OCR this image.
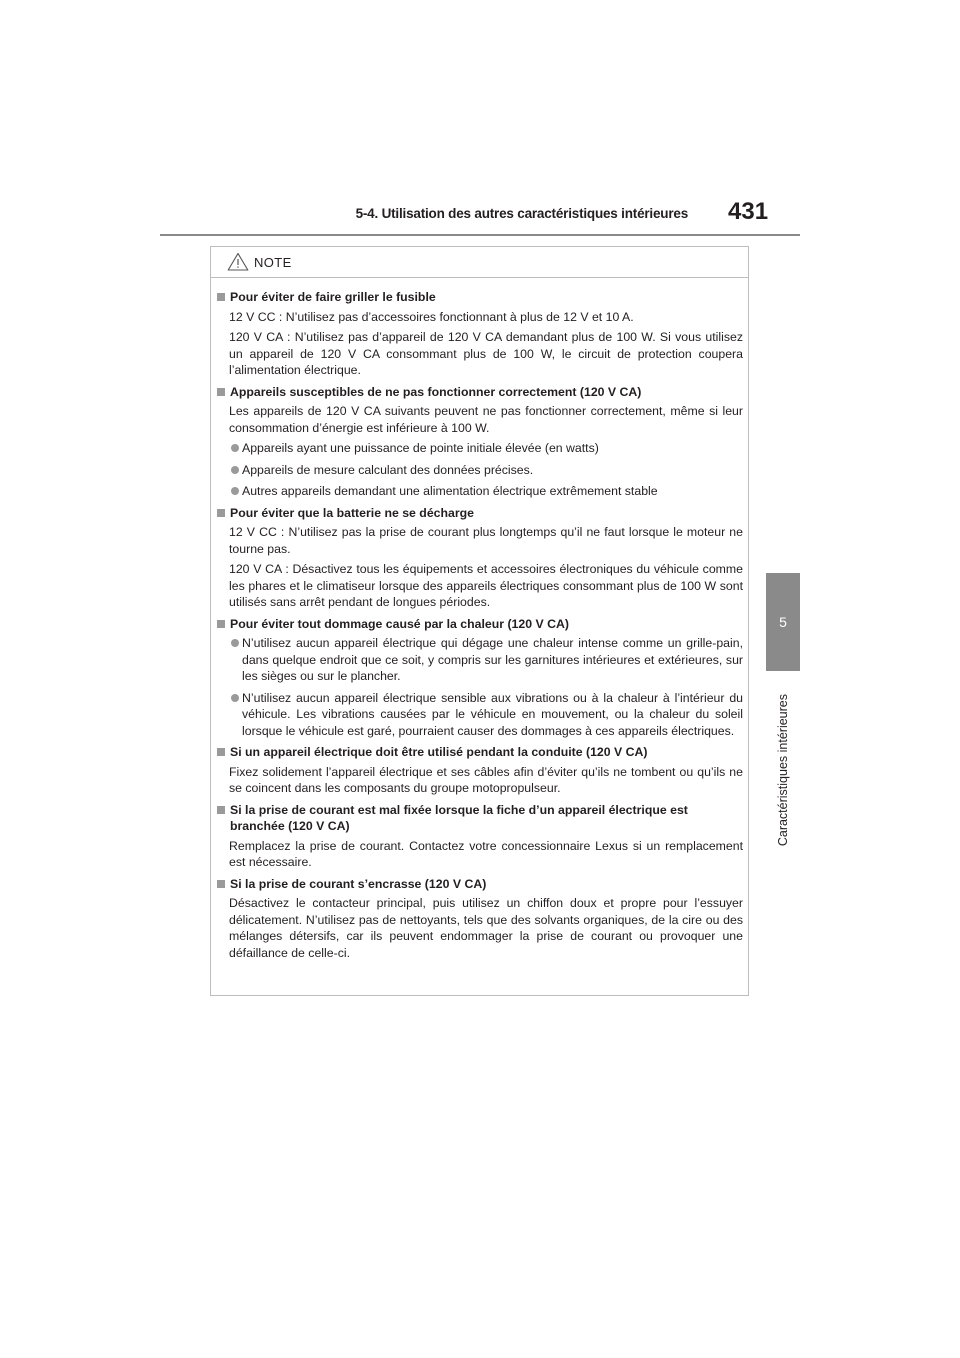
5-4. Utilisation des autres caractéristiques intérieures 431
5
Caractéristiques intérieures
NOTE
Pour éviter de faire griller le fusible
12 V CC : N’utilisez pas d’accessoires fonctionnant à plus de 12 V et 10 A.
120 V CA : N’utilisez pas d’appareil de 120 V CA demandant plus de 100 W. Si vous utilisez un appareil de 120 V CA consommant plus de 100 W, le circuit de protection coupera l’alimentation électrique.
Appareils susceptibles de ne pas fonctionner correctement (120 V CA)
Les appareils de 120 V CA suivants peuvent ne pas fonctionner correctement, même si leur consommation d’énergie est inférieure à 100 W.
Appareils ayant une puissance de pointe initiale élevée (en watts)
Appareils de mesure calculant des données précises.
Autres appareils demandant une alimentation électrique extrêmement stable
Pour éviter que la batterie ne se décharge
12 V CC : N’utilisez pas la prise de courant plus longtemps qu’il ne faut lorsque le moteur ne tourne pas.
120 V CA : Désactivez tous les équipements et accessoires électroniques du véhicule comme les phares et le climatiseur lorsque des appareils électriques consommant plus de 100 W sont utilisés sans arrêt pendant de longues périodes.
Pour éviter tout dommage causé par la chaleur (120 V CA)
N’utilisez aucun appareil électrique qui dégage une chaleur intense comme un grille-pain, dans quelque endroit que ce soit, y compris sur les garnitures intérieures et extérieures, sur les sièges ou sur le plancher.
N’utilisez aucun appareil électrique sensible aux vibrations ou à la chaleur à l’intérieur du véhicule. Les vibrations causées par le véhicule en mouvement, ou la chaleur du soleil lorsque le véhicule est garé, pourraient causer des dommages à ces appareils électriques.
Si un appareil électrique doit être utilisé pendant la conduite (120 V CA)
Fixez solidement l’appareil électrique et ses câbles afin d’éviter qu’ils ne tombent ou qu’ils ne se coincent dans les composants du groupe motopropulseur.
Si la prise de courant est mal fixée lorsque la fiche d’un appareil électrique est branchée (120 V CA)
Remplacez la prise de courant. Contactez votre concessionnaire Lexus si un remplacement est nécessaire.
Si la prise de courant s’encrasse (120 V CA)
Désactivez le contacteur principal, puis utilisez un chiffon doux et propre pour l’essuyer délicatement. N’utilisez pas de nettoyants, tels que des solvants organiques, de la cire ou des mélanges détersifs, car ils peuvent endommager la prise de courant ou provoquer une défaillance de celle-ci.
